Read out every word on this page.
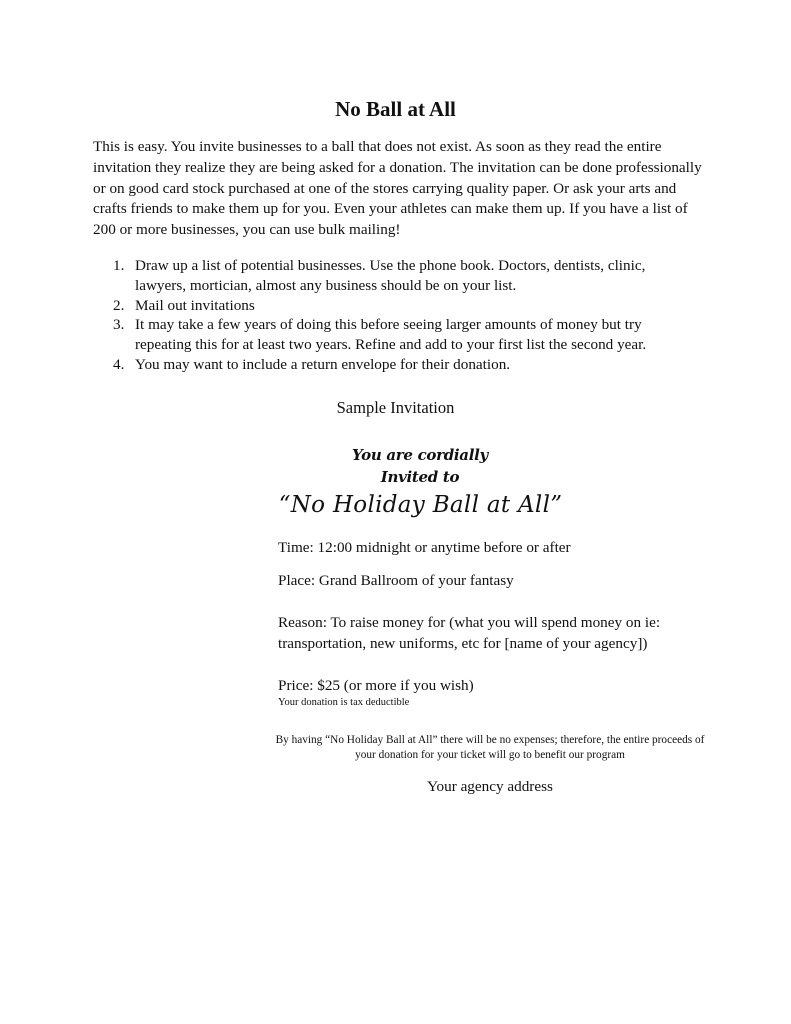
No Ball at All

This is easy. You invite businesses to a ball that does not exist. As soon as they read the entire invitation they realize they are being asked for a donation. The invitation can be done professionally or on good card stock purchased at one of the stores carrying quality paper. Or ask your arts and crafts friends to make them up for you. Even your athletes can make them up. If you have a list of 200 or more businesses, you can use bulk mailing!

1. Draw up a list of potential businesses. Use the phone book. Doctors, dentists, clinic, lawyers, mortician, almost any business should be on your list.
2. Mail out invitations
3. It may take a few years of doing this before seeing larger amounts of money but try repeating this for at least two years. Refine and add to your first list the second year.
4. You may want to include a return envelope for their donation.
Sample Invitation
You are cordially
Invited to
“No Holiday Ball at All”

Time: 12:00 midnight or anytime before or after

Place: Grand Ballroom of your fantasy

Reason: To raise money for (what you will spend money on ie: transportation, new uniforms, etc for [name of your agency])

Price: $25 (or more if you wish)

Your donation is tax deductible
By having “No Holiday Ball at All” there will be no expenses; therefore, the entire proceeds of your donation for your ticket will go to benefit our program
Your agency address
